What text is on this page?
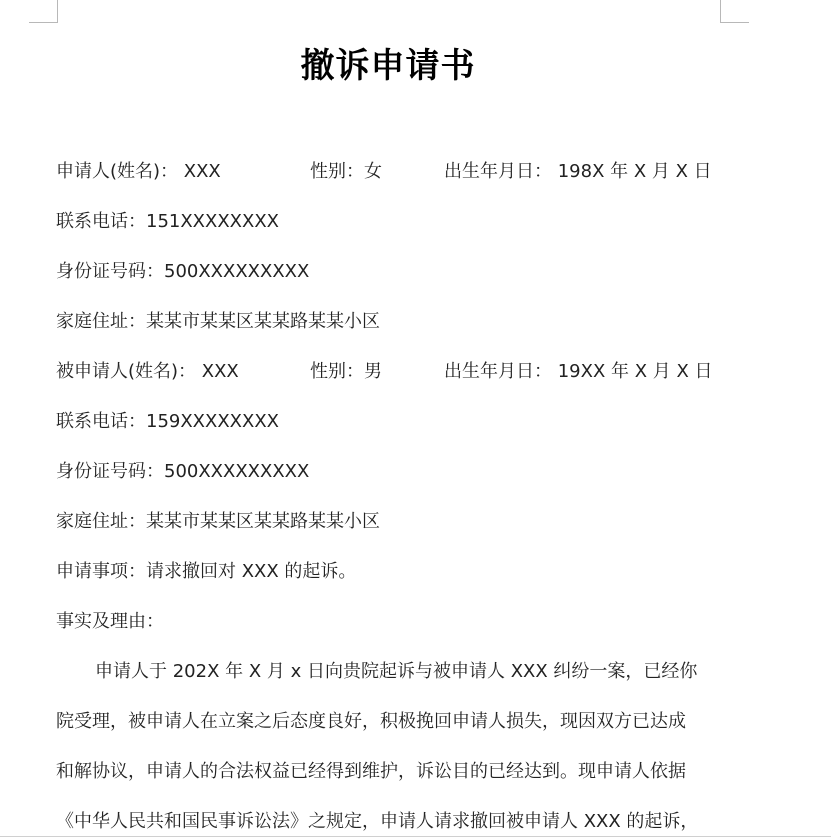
撤诉申请书
申请人(姓名)： XXX	性别：女	出生年月日： 198X 年 X 月 X 日
联系电话：151XXXXXXXX
身份证号码：500XXXXXXXXX
家庭住址：某某市某某区某某路某某小区
被申请人(姓名)： XXX	性别：男	出生年月日： 19XX 年 X 月 X 日
联系电话：159XXXXXXXX
身份证号码：500XXXXXXXXX
家庭住址：某某市某某区某某路某某小区
申请事项：请求撤回对 XXX 的起诉。
事实及理由：
申请人于 202X 年 X 月 x 日向贵院起诉与被申请人 XXX 纠纷一案，已经你
院受理，被申请人在立案之后态度良好，积极挽回申请人损失，现因双方已达成
和解协议，申请人的合法权益已经得到维护，诉讼目的已经达到。现申请人依据
《中华人民共和国民事诉讼法》之规定，申请人请求撤回被申请人 XXX 的起诉，
